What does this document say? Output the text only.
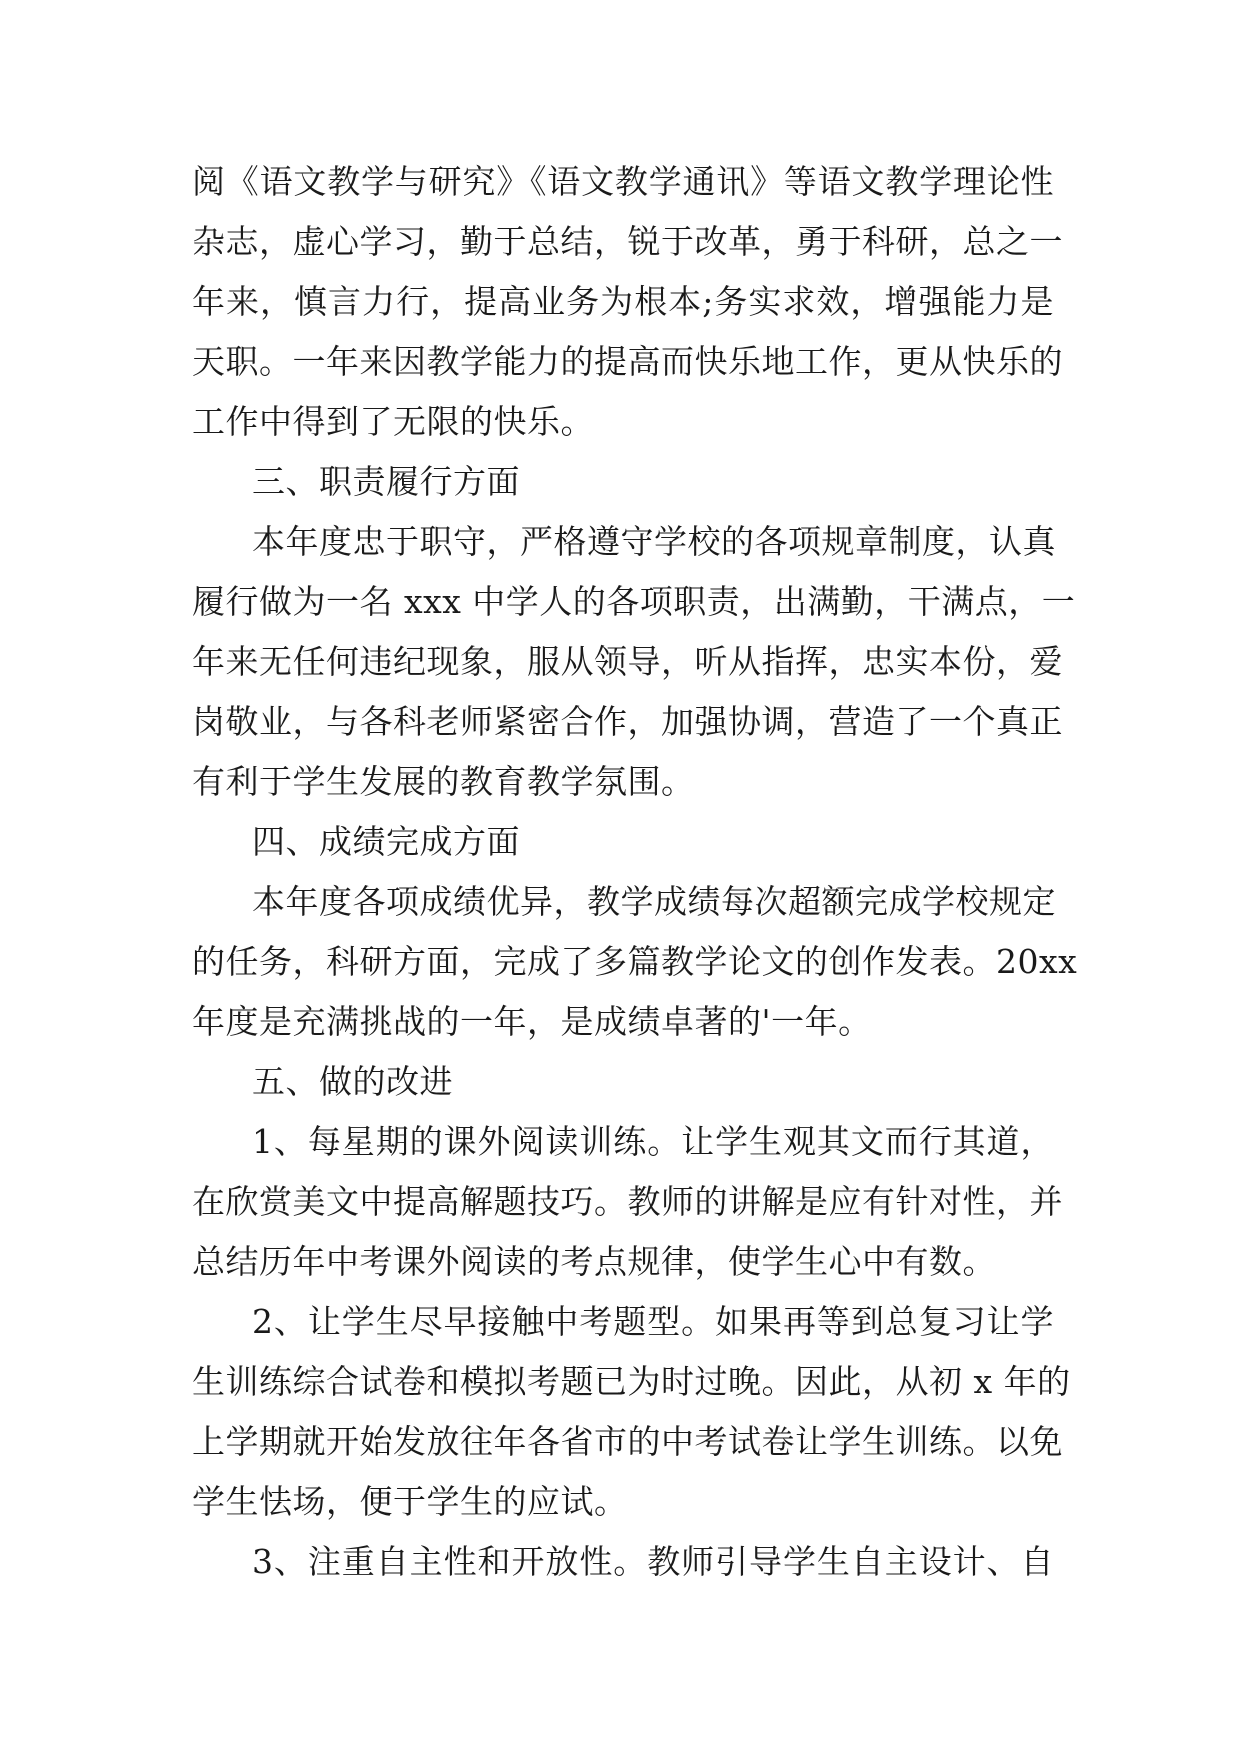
阅《语文教学与研究》《语文教学通讯》等语文教学理论性
杂志，虚心学习，勤于总结，锐于改革，勇于科研，总之一
年来，慎言力行，提高业务为根本;务实求效，增强能力是
天职。一年来因教学能力的提高而快乐地工作，更从快乐的
工作中得到了无限的快乐。
三、职责履行方面
本年度忠于职守，严格遵守学校的各项规章制度，认真
履行做为一名 xxx 中学人的各项职责，出满勤，干满点，一
年来无任何违纪现象，服从领导，听从指挥，忠实本份，爱
岗敬业，与各科老师紧密合作，加强协调，营造了一个真正
有利于学生发展的教育教学氛围。
四、成绩完成方面
本年度各项成绩优异，教学成绩每次超额完成学校规定
的任务，科研方面，完成了多篇教学论文的创作发表。20xx
年度是充满挑战的一年，是成绩卓著的'一年。
五、做的改进
1、每星期的课外阅读训练。让学生观其文而行其道，
在欣赏美文中提高解题技巧。教师的讲解是应有针对性，并
总结历年中考课外阅读的考点规律，使学生心中有数。
2、让学生尽早接触中考题型。如果再等到总复习让学
生训练综合试卷和模拟考题已为时过晚。因此，从初 x 年的
上学期就开始发放往年各省市的中考试卷让学生训练。以免
学生怯场，便于学生的应试。
3、注重自主性和开放性。教师引导学生自主设计、自
